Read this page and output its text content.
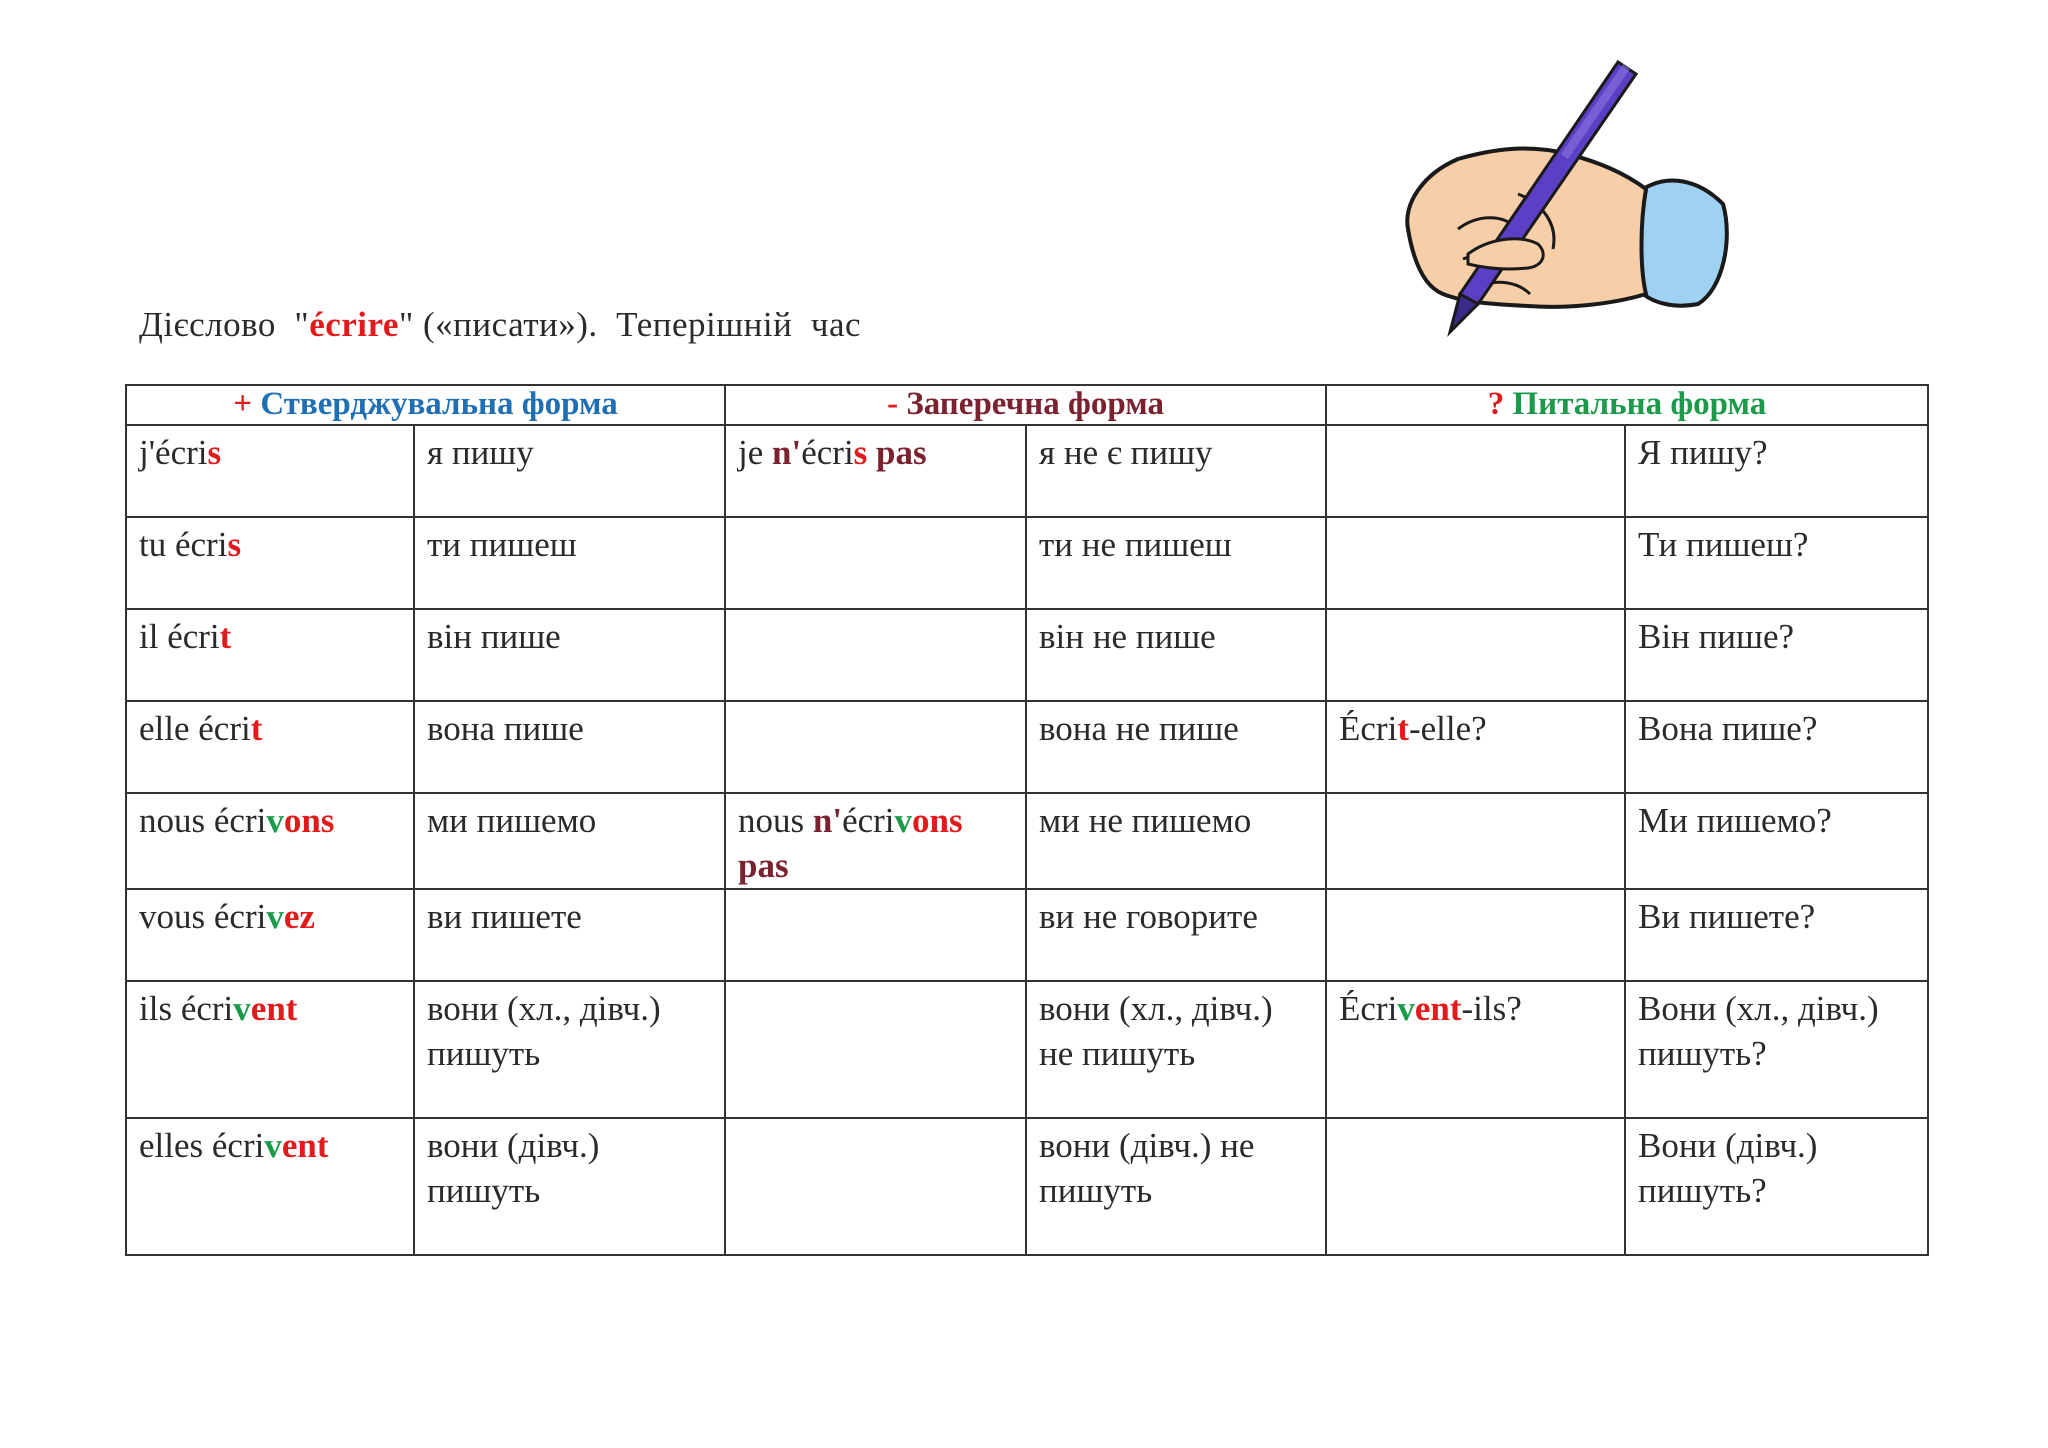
Дієслово  "écrire" («писати»).  Теперішній  час
+ Стверджувальна форма		- Заперечна форма		? Питальна форма	
j'écris	я пишу	je n'écris pas	я не є пишу		Я пишу?
tu écris	ти пишеш		ти не пишеш		Ти пишеш?
il écrit	він пише		він не пише		Він пише?
elle écrit	вона пише		вона не пише	Écrit-elle?	Вона пише?
nous écrivons	ми пишемо	nous n'écrivons pas	ми не пишемо		Ми пишемо?
vous écrivez	ви пишете		ви не говорите		Ви пишете?
ils écrivent	вони (хл., дівч.) пишуть		вони (хл., дівч.) не пишуть	Écrivent-ils?	Вони (хл., дівч.) пишуть?
elles écrivent	вони (дівч.) пишуть		вони (дівч.) не пишуть		Вони (дівч.) пишуть?
